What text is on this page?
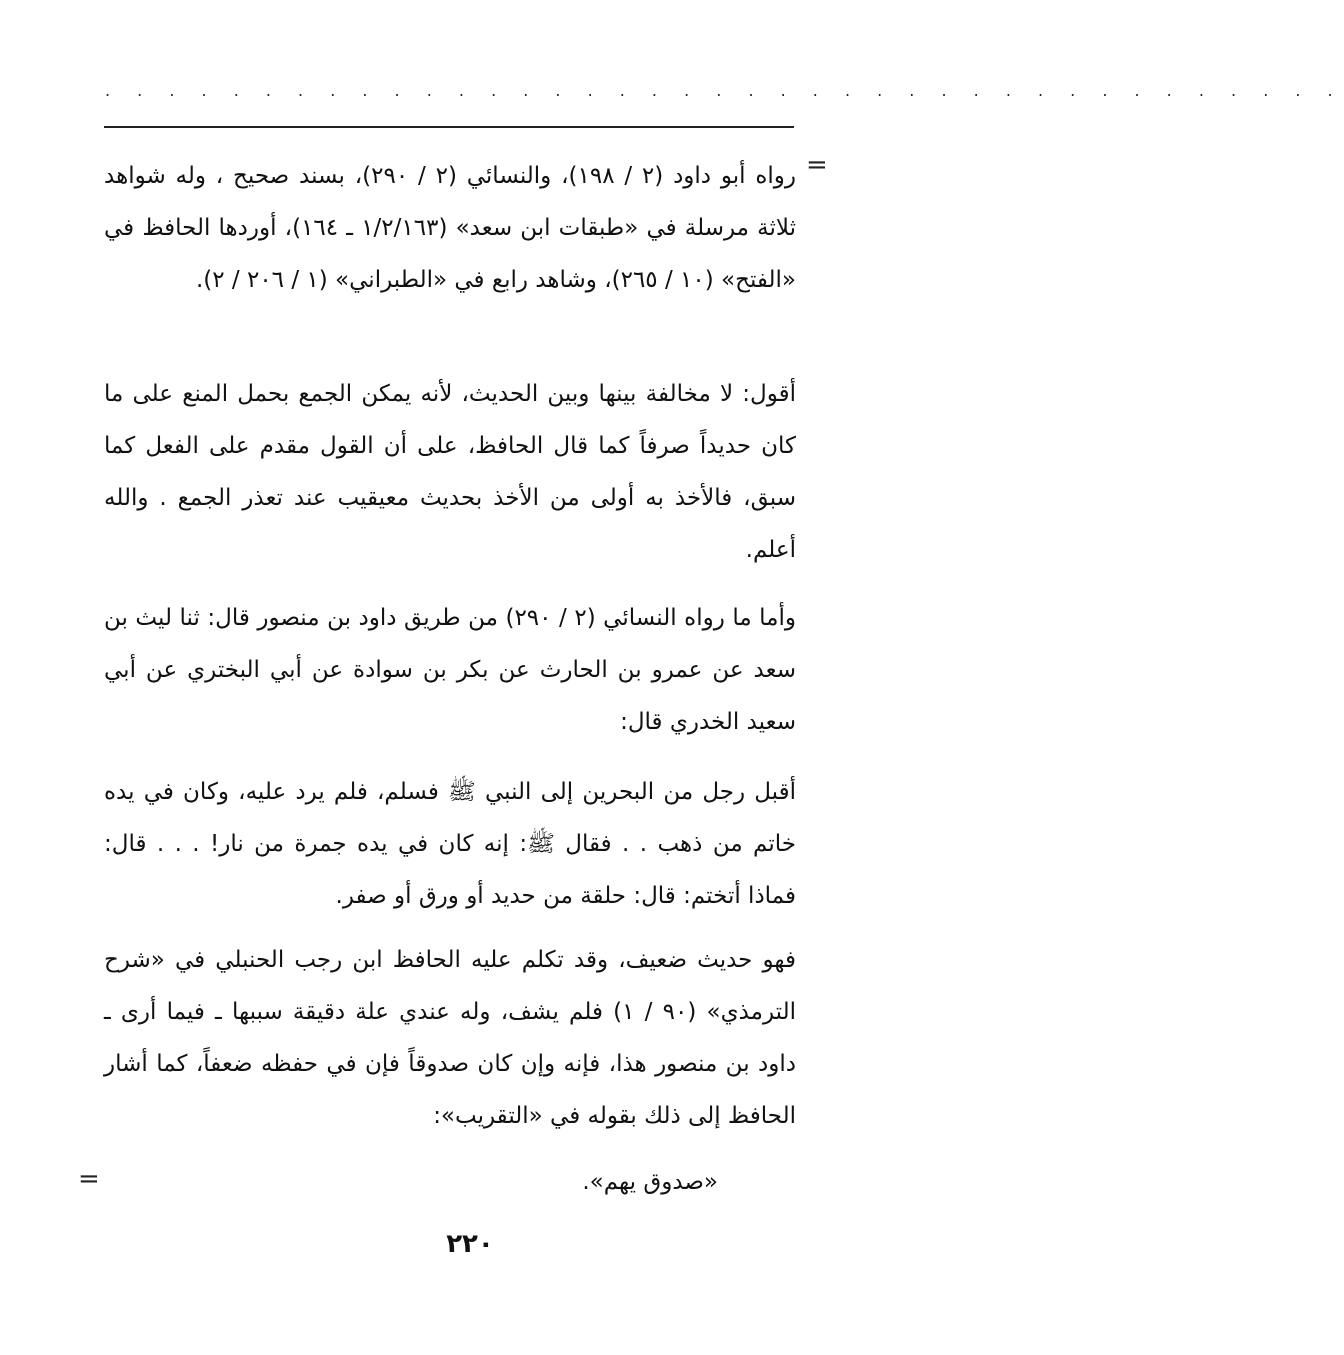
. . . . . . . . . . . . . . . . . . . . . . . . . . . . . . . . . . . . . . .
=
رواه أبو داود (٢ / ١٩٨)، والنسائي (٢ / ٢٩٠)، بسند صحيح ، وله شواهد ثلاثة مرسلة في «طبقات ابن سعد» (١/٢/١٦٣ ـ ١٦٤)، أوردها الحافظ في «الفتح» (١٠ / ٢٦٥)، وشاهد رابع في «الطبراني» (١ / ٢٠٦ / ٢).
أقول: لا مخالفة بينها وبين الحديث، لأنه يمكن الجمع بحمل المنع على ما كان حديداً صرفاً كما قال الحافظ، على أن القول مقدم على الفعل كما سبق، فالأخذ به أولى من الأخذ بحديث معيقيب عند تعذر الجمع . والله أعلم.
وأما ما رواه النسائي (٢ / ٢٩٠) من طريق داود بن منصور قال: ثنا ليث بن سعد عن عمرو بن الحارث عن بكر بن سوادة عن أبي البختري عن أبي سعيد الخدري قال:
أقبل رجل من البحرين إلى النبي ﷺ فسلم، فلم يرد عليه، وكان في يده خاتم من ذهب . . فقال ﷺ: إنه كان في يده جمرة من نار! . . . قال: فماذا أتختم: قال: حلقة من حديد أو ورق أو صفر.
فهو حديث ضعيف، وقد تكلم عليه الحافظ ابن رجب الحنبلي في «شرح الترمذي» (٩٠ / ١) فلم يشف، وله عندي علة دقيقة سببها ـ فيما أرى ـ داود بن منصور هذا، فإنه وإن كان صدوقاً فإن في حفظه ضعفاً، كما أشار الحافظ إلى ذلك بقوله في «التقريب»:
«صدوق يهم».
=
٢٢٠
